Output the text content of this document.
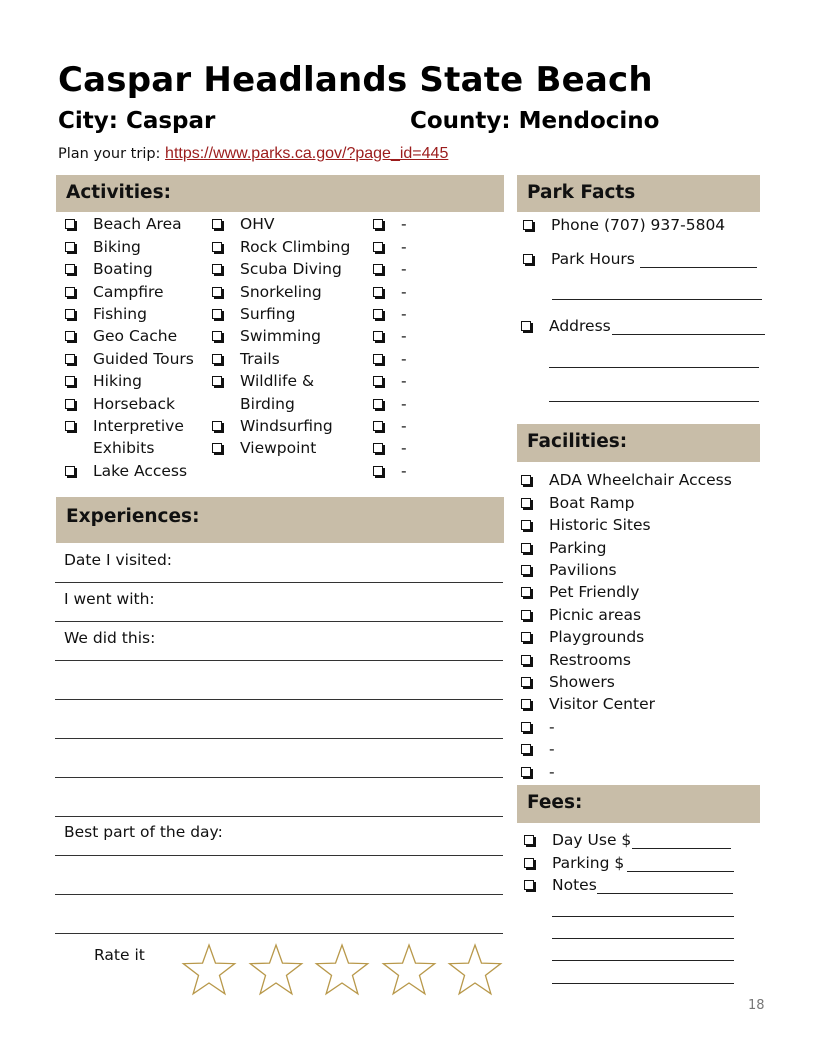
Caspar Headlands State Beach
City: Caspar	County: Mendocino
Plan your trip: https://www.parks.ca.gov/?page_id=445
Activities:
Beach Area
Biking
Boating
Campfire
Fishing
Geo Cache
Guided Tours
Hiking
Horseback
Interpretive
Exhibits
Lake Access
OHV
Rock Climbing
Scuba Diving
Snorkeling
Surfing
Swimming
Trails
Wildlife &
Birding
Windsurfing
Viewpoint
-
-
-
-
-
-
-
-
-
-
-
-
Park Facts
Phone (707) 937-5804
Park Hours
Address
Experiences:
Date I visited:
I went with:
We did this:
Best part of the day:
Rate it
Facilities:
ADA Wheelchair Access
Boat Ramp
Historic Sites
Parking
Pavilions
Pet Friendly
Picnic areas
Playgrounds
Restrooms
Showers
Visitor Center
-
-
-
Fees:
Day Use $
Parking $
Notes
18
